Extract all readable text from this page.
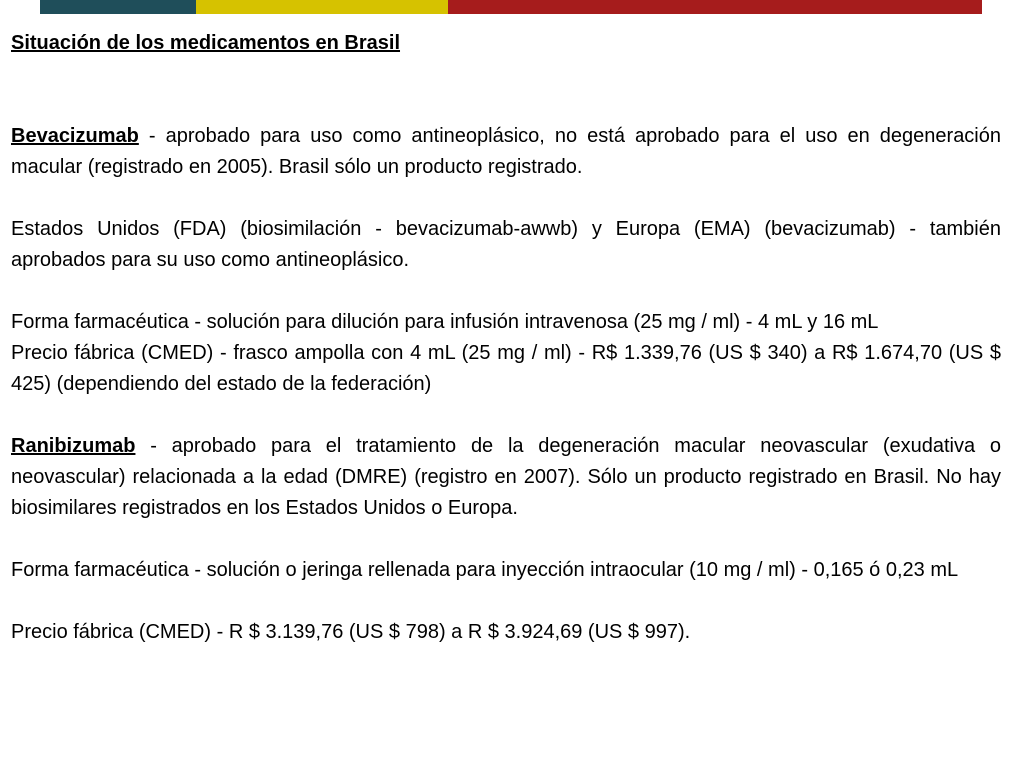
Situación de los medicamentos en Brasil

Bevacizumab - aprobado para uso como antineoplásico, no está aprobado para el uso en degeneración macular (registrado en 2005). Brasil sólo un producto registrado.

Estados Unidos (FDA) (biosimilación - bevacizumab-awwb) y Europa (EMA) (bevacizumab) - también aprobados para su uso como antineoplásico.

Forma farmacéutica - solución para dilución para infusión intravenosa (25 mg / ml) - 4 mL y 16 mL

Precio fábrica (CMED) - frasco ampolla con 4 mL (25 mg / ml) - R$ 1.339,76 (US $ 340) a R$ 1.674,70 (US $ 425) (dependiendo del estado de la federación)

Ranibizumab - aprobado para el tratamiento de la degeneración macular neovascular (exudativa o neovascular) relacionada a la edad (DMRE) (registro en 2007). Sólo un producto registrado en Brasil. No hay biosimilares registrados en los Estados Unidos o Europa.

Forma farmacéutica - solución o jeringa rellenada para inyección intraocular (10 mg / ml) - 0,165 ó 0,23 mL

Precio fábrica (CMED) - R $ 3.139,76 (US $ 798) a R $ 3.924,69 (US $ 997).
